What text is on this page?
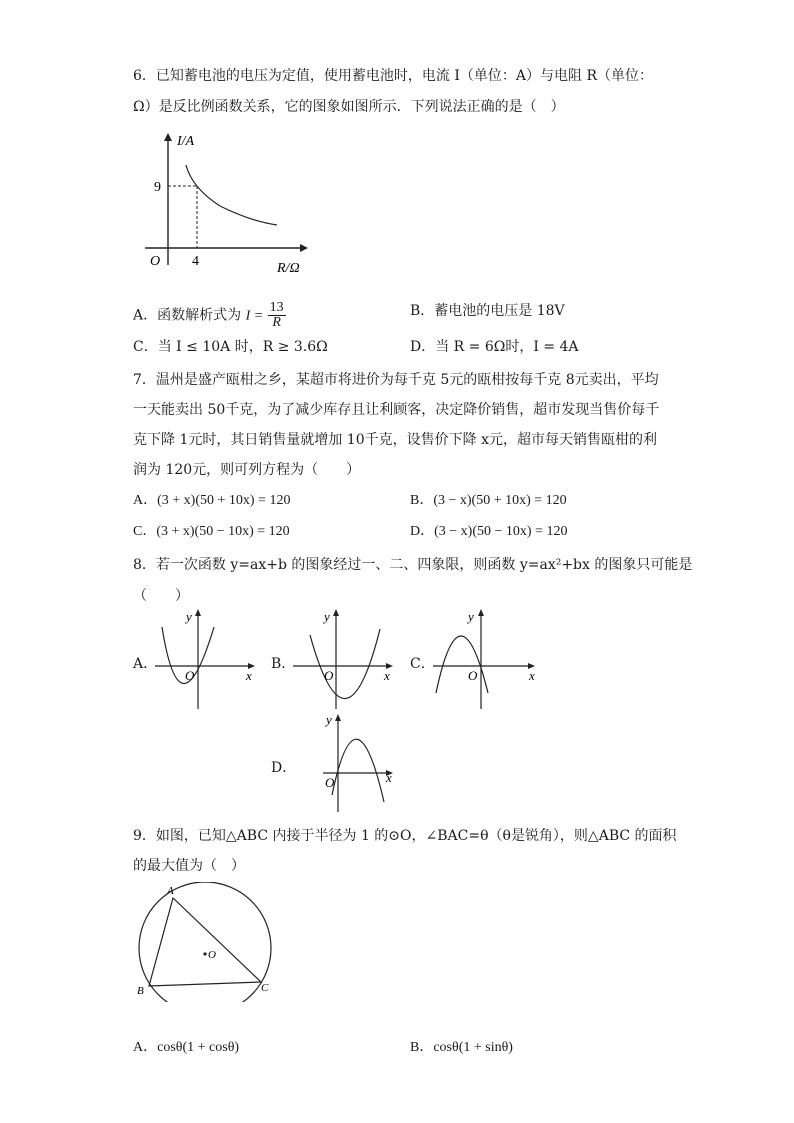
6．已知蓄电池的电压为定值，使用蓄电池时，电流 I（单位：A）与电阻 R（单位：
Ω）是反比例函数关系，它的图象如图所示．下列说法正确的是（　）
I/A
9
4
O	R/Ω
A．函数解析式为 $I = \frac{13}{R}$	B．蓄电池的电压是 18V
C．当 I ≤ 10A 时，R ≥ 3.6Ω	D．当 R = 6Ω时，I = 4A
7．温州是盛产瓯柑之乡，某超市将进价为每千克 5元的瓯柑按每千克 8元卖出，平均
一天能卖出 50千克，为了减少库存且让利顾客，决定降价销售，超市发现当售价每千
克下降 1元时，其日销售量就增加 10千克，设售价下降 x元，超市每天销售瓯柑的利
润为 120元，则可列方程为（　　）
A．(3 + x)(50 + 10x) = 120	B．(3 − x)(50 + 10x) = 120
C．(3 + x)(50 − 10x) = 120	D．(3 − x)(50 − 10x) = 120
8．若一次函数 y=ax+b 的图象经过一、二、四象限，则函数 y=ax²+bx 的图象只可能是
（　　）
A．
y
x
O
B．
y
x
O
C．
y
x
O
D．
y
x
O
9．如图，已知△ABC 内接于半径为 1 的⊙O，∠BAC=θ（θ是锐角），则△ABC 的面积
的最大值为（　）
A
B	C
O
A．cosθ(1 + cosθ)	B．cosθ(1 + sinθ)
